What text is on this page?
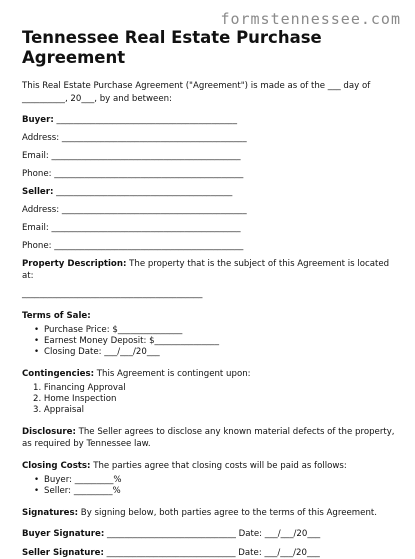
formstennessee.com
Tennessee Real Estate Purchase Agreement

This Real Estate Purchase Agreement ("Agreement") is made as of the ___ day of __________, 20___, by and between:

Buyer: __________________________________________
Address: ___________________________________________
Email: ____________________________________________
Phone: ____________________________________________
Seller: _________________________________________
Address: ___________________________________________
Email: ____________________________________________
Phone: ____________________________________________

Property Description: The property that is the subject of this Agreement is located at:

__________________________________________

Terms of Sale:

• Purchase Price: $_______________
• Earnest Money Deposit: $_______________
• Closing Date: ___/___/20___

Contingencies: This Agreement is contingent upon:

1. Financing Approval
2. Home Inspection
3. Appraisal

Disclosure: The Seller agrees to disclose any known material defects of the property, as required by Tennessee law.

Closing Costs: The parties agree that closing costs will be paid as follows:

• Buyer: _________%
• Seller: _________%

Signatures: By signing below, both parties agree to the terms of this Agreement.

Buyer Signature: ______________________________ Date: ___/___/20___

Seller Signature: ______________________________ Date: ___/___/20___
